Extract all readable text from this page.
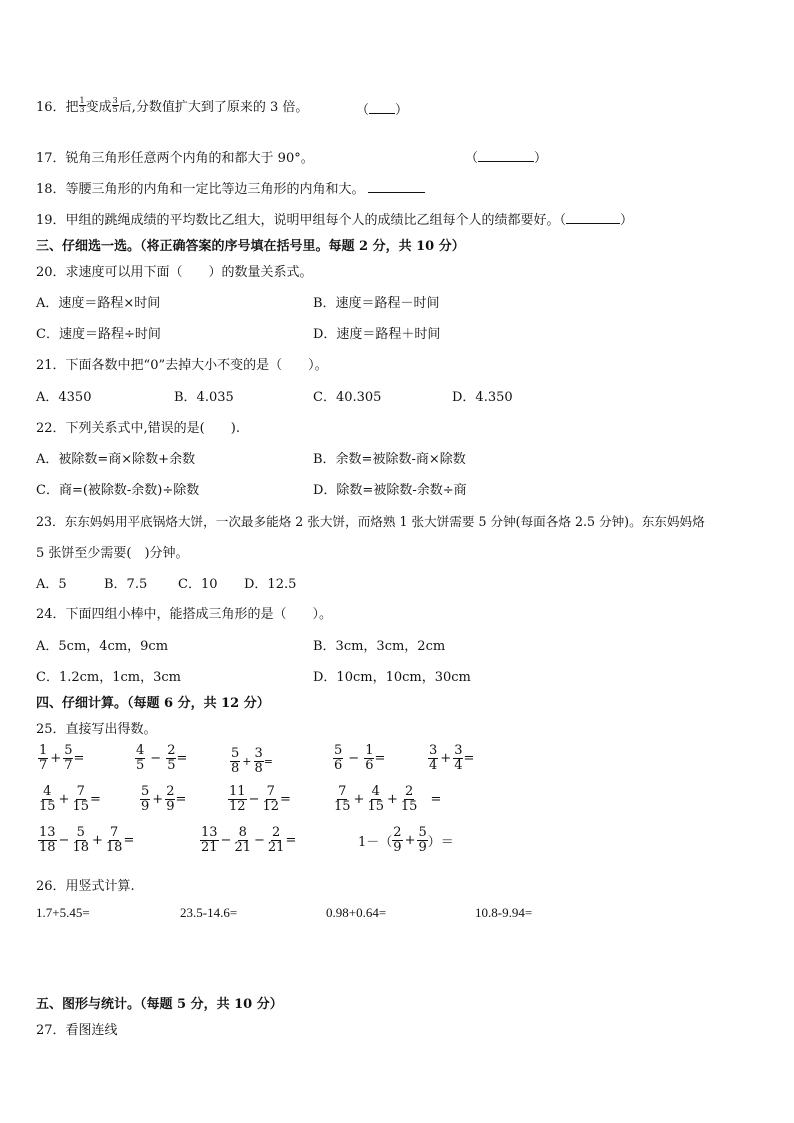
16．把 $\frac{1}{3}$ 变成 $\frac{3}{5}$ 后,分数值扩大到了原来的 3 倍。	（ ）
17．锐角三角形任意两个内角的和都大于 90°。	（	）
18．等腰三角形的内角和一定比等边三角形的内角和大。
19．甲组的跳绳成绩的平均数比乙组大，说明甲组每个人的成绩比乙组每个人的绩都要好。（	）
三、仔细选一选。（将正确答案的序号填在括号里。每题 2 分，共 10 分）
20．求速度可以用下面（　　）的数量关系式。
A．速度＝路程×时间	B．速度＝路程－时间
C．速度＝路程÷时间	D．速度＝路程＋时间
21．下面各数中把“0”去掉大小不变的是（　　）。
A．4350	B．4.035	C．40.305	D．4.350
22．下列关系式中,错误的是(　　).
A．被除数=商×除数+余数	B．余数=被除数-商×除数
C．商=(被除数-余数)÷除数	D．除数=被除数-余数÷商
23．东东妈妈用平底锅烙大饼，一次最多能烙 2 张大饼，而烙熟 1 张大饼需要 5 分钟(每面各烙 2.5 分钟)。东东妈妈烙
5 张饼至少需要(　)分钟。
A．5	B．7.5 C．10 D．12.5
24．下面四组小棒中，能搭成三角形的是（　　）。
A．5cm，4cm，9cm	B．3cm，3cm，2cm
C．1.2cm，1cm，3cm	D．10cm，10cm，30cm
四、仔细计算。（每题 6 分，共 12 分）
25．直接写出得数。
$\frac{1}{7} + \frac{5}{7}$ =	$\frac{4}{5} - \frac{2}{5}$ =	$\frac{5}{8} + \frac{3}{8}$ =	$\frac{5}{6} - \frac{1}{6}$ =	$\frac{3}{4} + \frac{3}{4}$ =
$\frac{4}{15} + \frac{7}{15}$ =	$\frac{5}{9} + \frac{2}{9}$ =	$\frac{11}{12} - \frac{7}{12}$ =	$\frac{7}{15} + \frac{4}{15} + \frac{2}{15}$ =
$\frac{13}{18} - \frac{5}{18} + \frac{7}{18}$ =	$\frac{13}{21} - \frac{8}{21} - \frac{2}{21}$ =	$1-( \frac{2}{9} + \frac{5}{9}$ ）＝
26．用竖式计算.
1.7+5.45=	23.5-14.6=	0.98+0.64=	10.8-9.94=
五、图形与统计。（每题 5 分，共 10 分）
27．看图连线
